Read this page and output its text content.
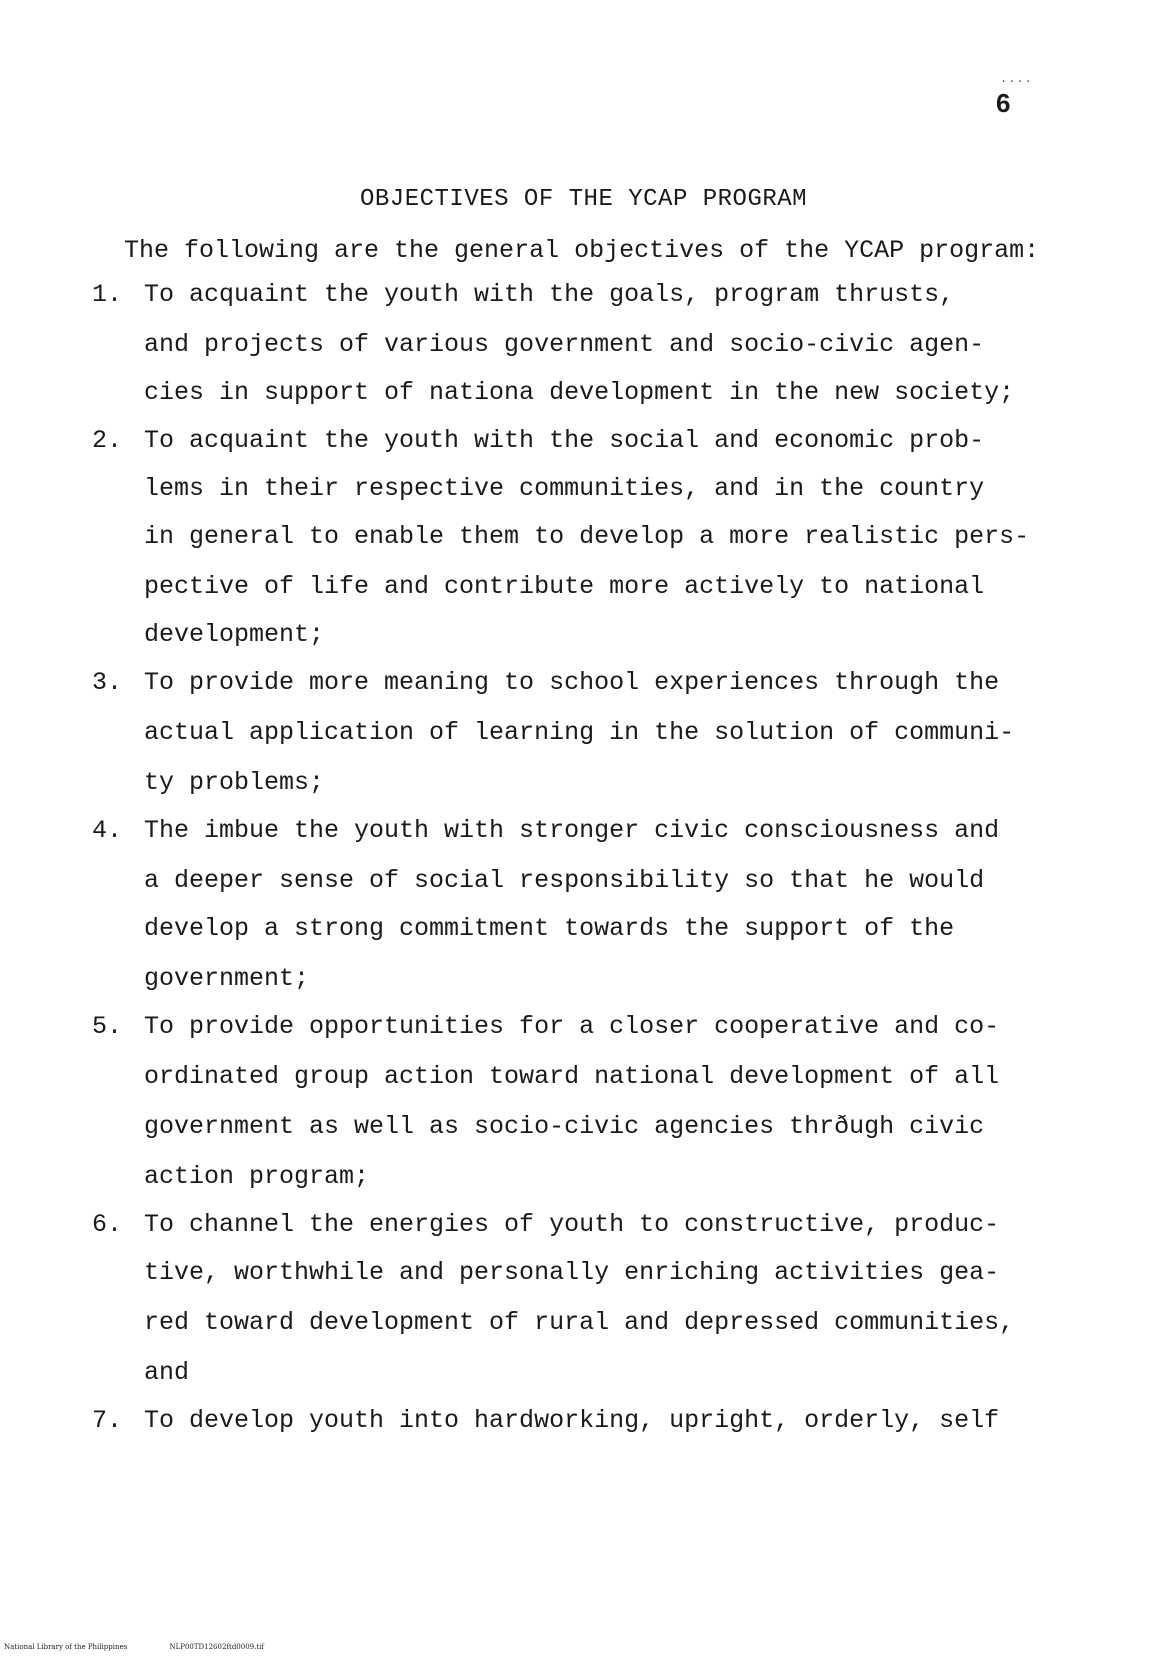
....
6
OBJECTIVES OF THE YCAP PROGRAM
The following are the general objectives of the YCAP program:
1. To acquaint the youth with the goals, program thrusts,
and projects of various government and socio-civic agen-
cies in support of nationa development in the new society;
2. To acquaint the youth with the social and economic prob-
lems in their respective communities, and in the country
in general to enable them to develop a more realistic pers-
pective of life and contribute more actively to national
development;
3. To provide more meaning to school experiences through the
actual application of learning in the solution of communi-
ty problems;
4. The imbue the youth with stronger civic consciousness and
a deeper sense of social responsibility so that he would
develop a strong commitment towards the support of the
government;
5. To provide opportunities for a closer cooperative and co-
ordinated group action toward national development of all
government as well as socio-civic agencies thrðugh civic
action program;
6. To channel the energies of youth to constructive, produc-
tive, worthwhile and personally enriching activities gea-
red toward development of rural and depressed communities,
and
7. To develop youth into hardworking, upright, orderly, self
National Library of the Philippines	NLP00TD12602ftd0009.tif
